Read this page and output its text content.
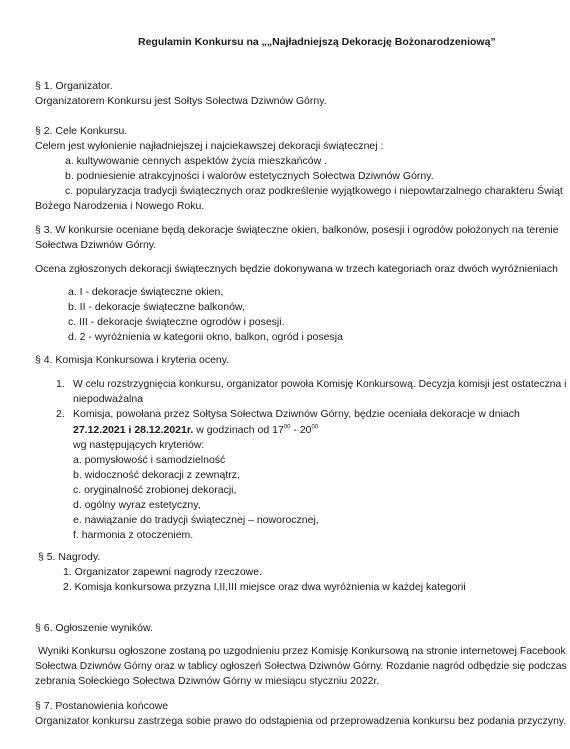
Regulamin Konkursu na „„Najładniejszą Dekorację Bożonarodzeniową”
§ 1. Organizator.
Organizatorem Konkursu jest Sołtys Sołectwa Dziwnów Górny.
§ 2. Cele Konkursu.
Celem jest wyłonienie najładniejszej i najciekawszej dekoracji świątecznej :
a. kultywowanie cennych aspektów życia mieszkańców .
b. podniesienie atrakcyjności i walorów estetycznych Sołectwa Dziwnów Górny.
c. popularyzacja tradycji świątecznych oraz podkreślenie wyjątkowego i niepowtarzalnego charakteru Świąt
Bożego Narodzenia i Nowego Roku.
§ 3. W konkursie oceniane będą dekoracje świąteczne okien, balkonów, posesji i ogrodów położonych na terenie
Sołectwa Dziwnów Górny.
Ocena zgłoszonych dekoracji świątecznych będzie dokonywana w trzech kategoriach oraz dwóch wyróżnieniach
a. I - dekoracje świąteczne okien,
b. II - dekoracje świąteczne balkonów,
c. III - dekoracje świąteczne ogrodów i posesji.
d. 2 - wyróżnienia w kategorii okno, balkon, ogród i posesja
§ 4. Komisja Konkursowa i kryteria oceny.
1. W celu rozstrzygnięcia konkursu, organizator powoła Komisję Konkursową. Decyzja komisji jest ostateczna i
niepodważalna
2. Komisja, powołana przez Sołtysa Sołectwa Dziwnów Górny, będzie oceniała dekoracje w dniach
27.12.2021 i 28.12.2021r. w godzinach od $17^{00} - 20^{00}$
wg następujących kryteriów:
a. pomysłowość i samodzielność
b. widoczność dekoracji z zewnątrz,
c. oryginalność zrobionej dekoracji,
d. ogólny wyraz estetyczny,
e. nawiązanie do tradycji świątecznej – noworocznej,
f. harmonia z otoczeniem.
§ 5. Nagrody.
1. Organizator zapewni nagrody rzeczowe.
2. Komisja konkursowa przyzna I,II,III miejsce oraz dwa wyróżnienia w każdej kategorii
§ 6. Ogłoszenie wyników.
Wyniki Konkursu ogłoszone zostaną po uzgodnieniu przez Komisję Konkursową na stronie internetowej Facebook
Sołectwa Dziwnów Górny oraz w tablicy ogłoszeń Sołectwa Dziwnów Górny. Rozdanie nagród odbędzie się podczas
zebrania Sołeckiego Sołectwa Dziwnów Górny w miesiącu styczniu 2022r.
§ 7. Postanowienia końcowe
Organizator konkursu zastrzega sobie prawo do odstąpienia od przeprowadzenia konkursu bez podania przyczyny.
